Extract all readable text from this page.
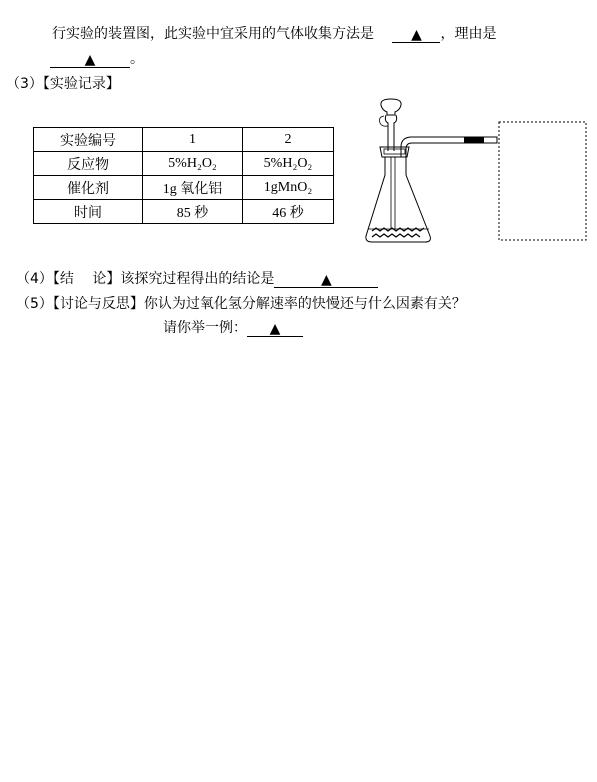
行实验的装置图，此实验中宜采用的气体收集方法是	▲ ，理由是
▲ 。
（3）【实验记录】
实验编号	1	2
反应物	5%H₂O₂	5%H₂O₂
催化剂	1g 氧化铝	1gMnO₂
时间	85 秒	46 秒
（4）【结　 论】该探究过程得出的结论是	▲
（5）【讨论与反思】你认为过氧化氢分解速率的快慢还与什么因素有关？
请你举一例： ▲
